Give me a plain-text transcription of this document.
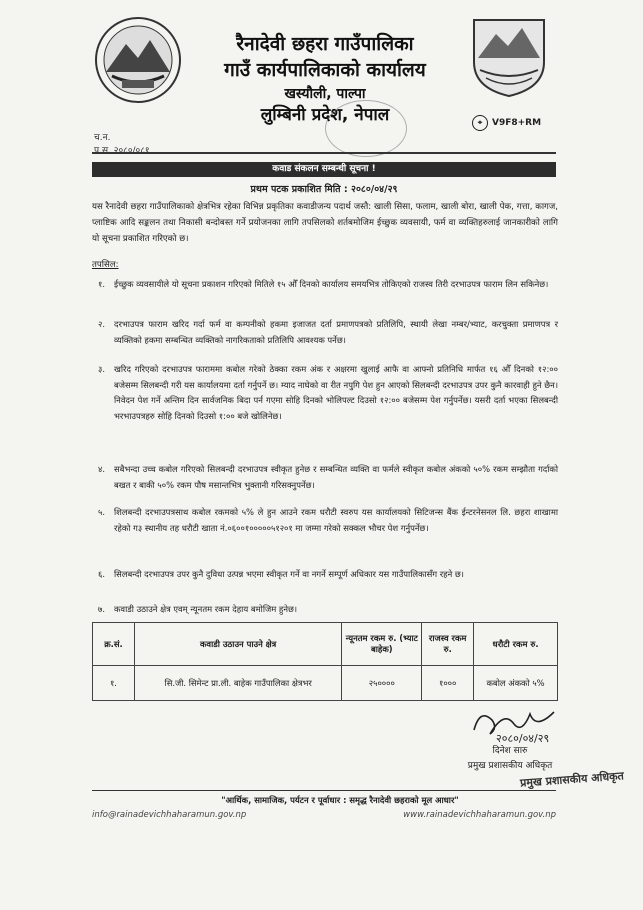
रैनादेवी छहरा गाउँपालिका
गाउँ कार्यपालिकाको कार्यालय
खस्यौली, पाल्पा
लुम्बिनी प्रदेश, नेपाल
च.न.
प.स. २०८०/०८१
⌖	V9F8+RM
कवाड संकलन सम्बन्धी सूचना !
प्रथम पटक प्रकाशित मिति : २०८०/०४/२९
यस रैनादेवी छहरा गाउँपालिकाको क्षेत्रभित्र रहेका विभिन्न प्रकृतिका कवाडीजन्य पदार्थ जस्तै: खाली सिसा, फलाम, खाली बोरा, खाली पेक, गत्ता, कागज, प्लाष्टिक आदि सङ्कलन तथा निकासी बन्दोबस्त गर्ने प्रयोजनका लागि तपसिलको शर्तबमोजिम ईच्छुक व्यवसायी, फर्म वा व्यक्तिहरुलाई जानकारीको लागि यो सूचना प्रकाशित गरिएको छ।
तपसिल:
१. ईच्छुक व्यवसायीले यो सूचना प्रकाशन गरिएको मितिले १५ औँ दिनको कार्यालय समयभित्र तोकिएको राजस्व तिरी दरभाउपत्र फाराम लिन सकिनेछ।
२. दरभाउपत्र फाराम खरिद गर्दा फर्म वा कम्पनीको हकमा इजाजत दर्ता प्रमाणपत्रको प्रतिलिपि, स्थायी लेखा नम्बर/भ्याट, करचुक्ता प्रमाणपत्र र व्यक्तिको हकमा सम्बन्धित व्यक्तिको नागरिकताको प्रतिलिपि आवश्यक पर्नेछ।
३. खरिद गरिएको दरभाउपत्र फाराममा कबोल गरेको ठेक्का रकम अंक र अक्षरमा खुलाई आफै वा आफ्नो प्रतिनिधि मार्फत १६ औँ दिनको १२:०० बजेसम्म सिलबन्दी गरी यस कार्यालयमा दर्ता गर्नुपर्ने छ। म्याद नाघेको वा रीत नपुगि पेश हुन आएको सिलबन्दी दरभाउपत्र उपर कुनै कारवाही हुने छैन। निवेदन पेश गर्ने अन्तिम दिन सार्वजनिक बिदा पर्न गएमा सोहि दिनको भोलिपल्ट दिउसो १२:०० बजेसम्म पेश गर्नुपर्नेछ। यसरी दर्ता भएका सिलबन्दी भरभाउपत्रहरु सोहि दिनको दिउसो १:०० बजे खोलिनेछ।
४. सबैभन्दा उच्च कबोल गरिएको सिलबन्दी दरभाउपत्र स्वीकृत हुनेछ र सम्बन्धित व्यक्ति वा फर्मले स्वीकृत कबोल अंकको ५०% रकम सम्झौता गर्दाको बखत र बाकी ५०% रकम पौष मसान्तभित्र भुक्तानी गरिसक्नुपर्नेछ।
५. शिलबन्दी दरभाउपत्रसाथ कबोल रकमको ५% ले हुन आउने रकम धरौटी स्वरुप यस कार्यालयको सिटिजन्स बैंक ईन्टरनेसनल लि. छहरा शाखामा रहेको ग३ स्थानीय तह धरौटी खाता नं.०६००१०००००५१२०१ मा जम्मा गरेको सक्कल भौचर पेश गर्नुपर्नेछ।
६. सिलबन्दी दरभाउपत्र उपर कुनै दुविधा उत्पन्न भएमा स्वीकृत गर्ने वा नगर्ने सम्पूर्ण अधिकार यस गाउँपालिकासँग रहने छ।
७. कवाडी उठाउने क्षेत्र एवम् न्यूनतम रकम देहाय बमोजिम हुनेछ।
क्र.सं.	कवाडी उठाउन पाउने क्षेत्र	न्यूनतम रकम रु. (भ्याट बाहेक)	राजस्व रकम रु.	धरौटी रकम रु.
१.	सि.जी. सिमेन्ट प्रा.ली. बाहेक गाउँपालिका क्षेत्रभर	२५००००	१०००	कबोल अंकको ५%
२०८०/०४/२९
दिनेश सारु
प्रमुख प्रशासकीय अधिकृत
प्रमुख प्रशासकीय अधिकृत
"आर्थिक, सामाजिक, पर्यटन र पूर्वाधार : समृद्ध रैनादेवी छहराको मूल आधार"
info@rainadevichhaharamun.gov.np	www.rainadevichhaharamun.gov.np
